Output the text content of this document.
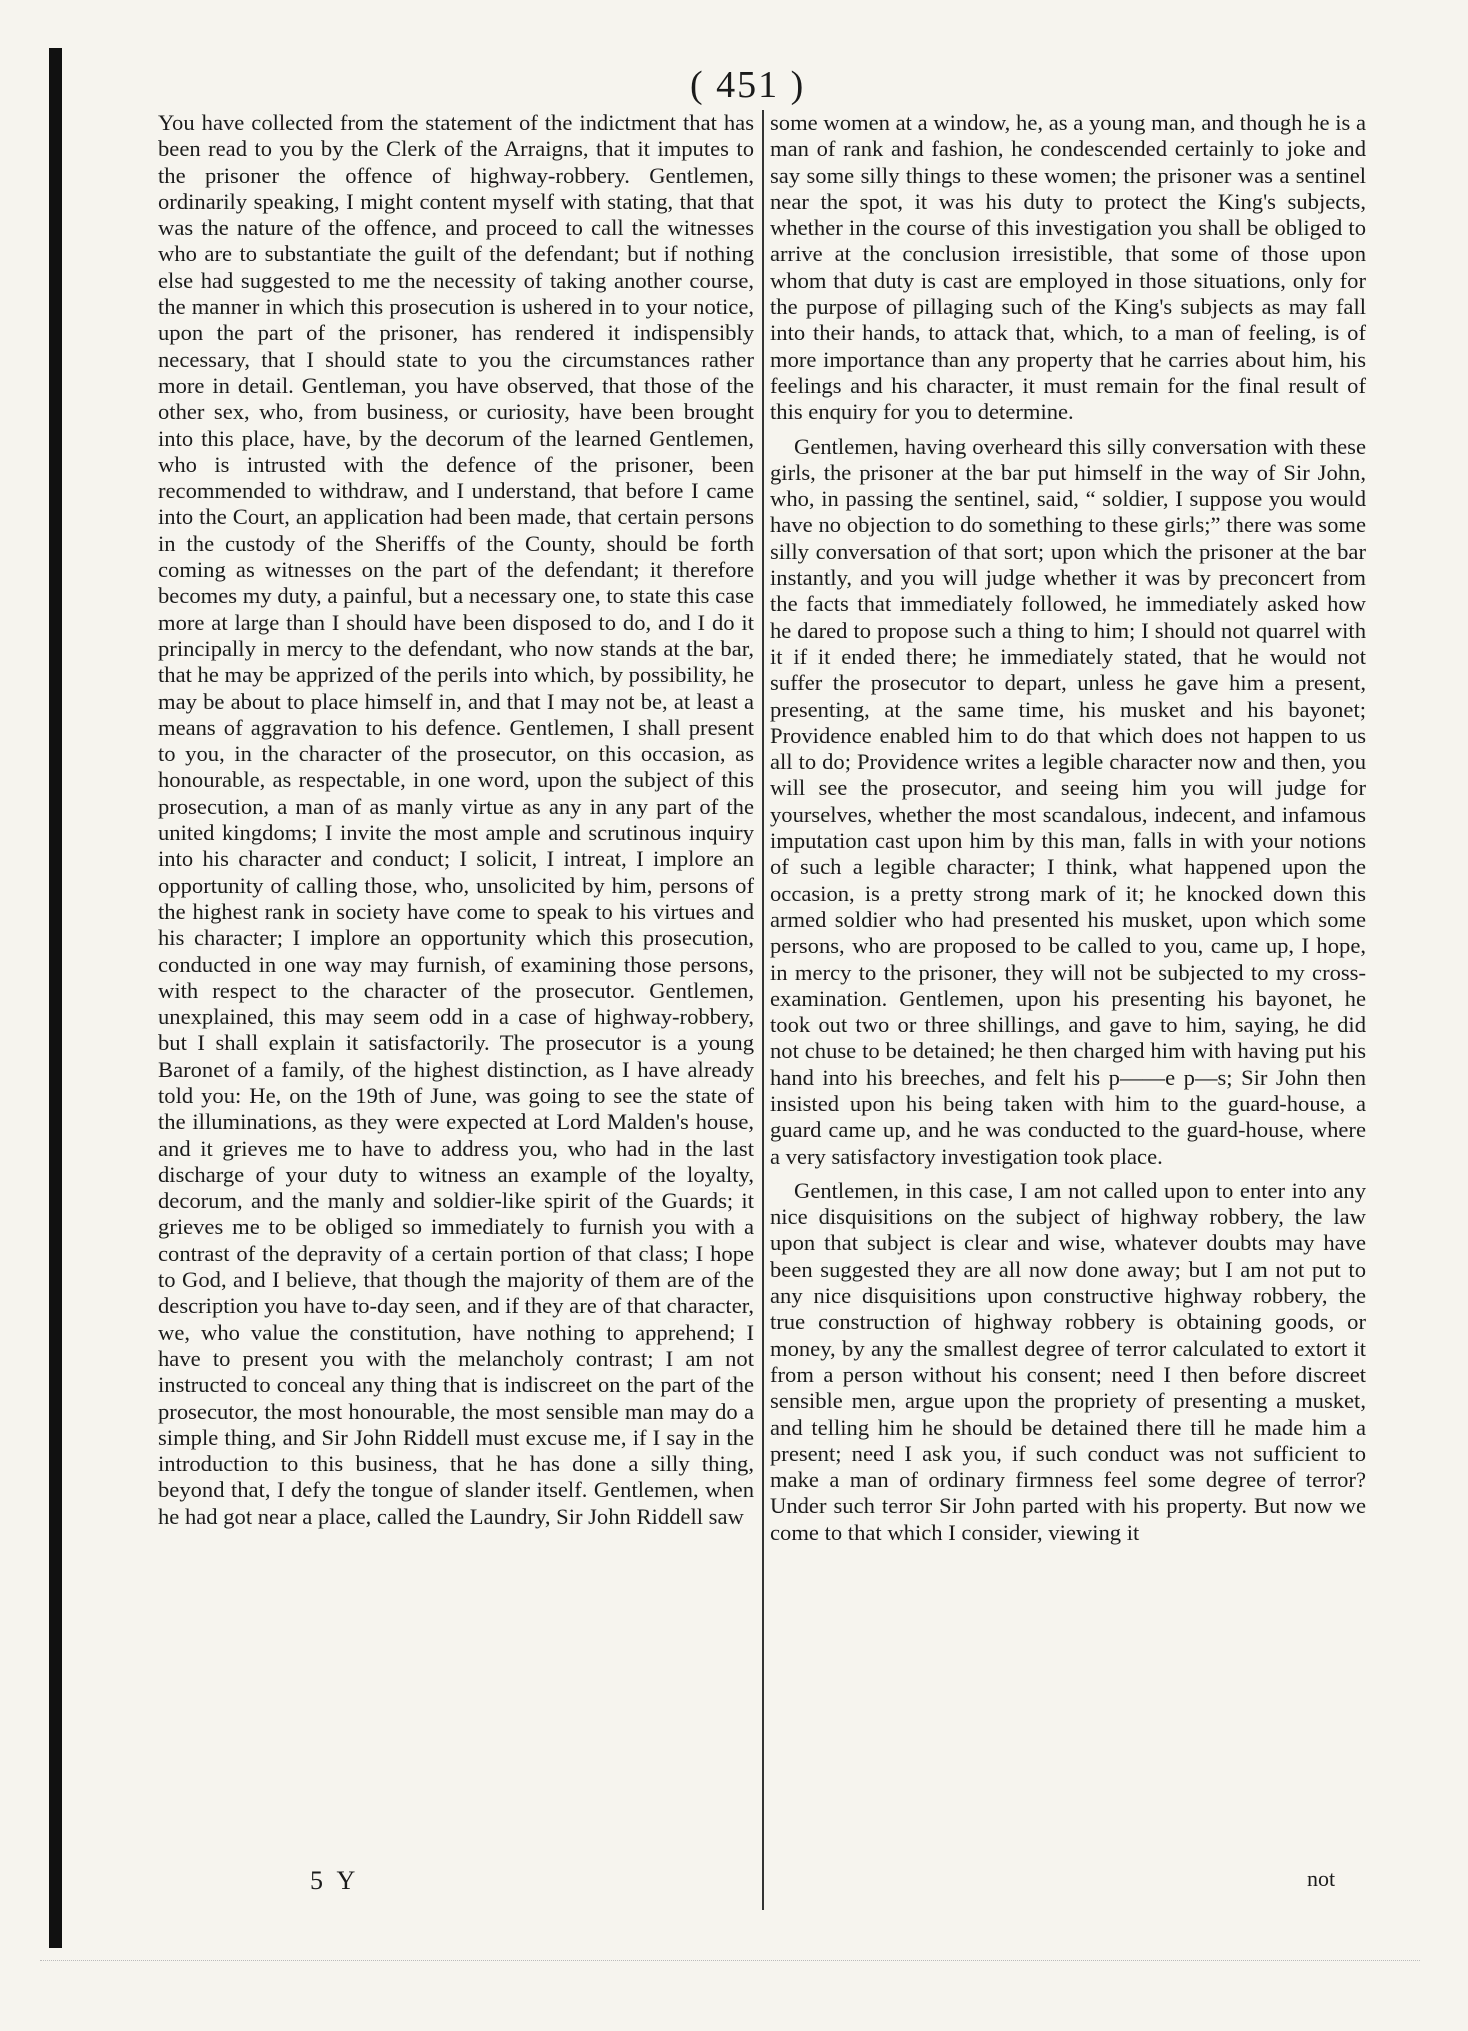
( 451 )

You have collected from the statement of the indictment that has been read to you by the Clerk of the Arraigns, that it imputes to the prisoner the offence of highway-robbery. Gentlemen, ordinarily speaking, I might content myself with stating, that that was the nature of the offence, and proceed to call the witnesses who are to substantiate the guilt of the defendant; but if nothing else had suggested to me the necessity of taking another course, the manner in which this prosecution is ushered in to your notice, upon the part of the prisoner, has rendered it indispensibly necessary, that I should state to you the circumstances rather more in detail. Gentleman, you have observed, that those of the other sex, who, from business, or curiosity, have been brought into this place, have, by the decorum of the learned Gentlemen, who is intrusted with the defence of the prisoner, been recommended to withdraw, and I understand, that before I came into the Court, an application had been made, that certain persons in the custody of the Sheriffs of the County, should be forth coming as witnesses on the part of the defendant; it therefore becomes my duty, a painful, but a necessary one, to state this case more at large than I should have been disposed to do, and I do it principally in mercy to the defendant, who now stands at the bar, that he may be apprized of the perils into which, by possibility, he may be about to place himself in, and that I may not be, at least a means of aggravation to his defence. Gentlemen, I shall present to you, in the character of the prosecutor, on this occasion, as honourable, as respectable, in one word, upon the subject of this prosecution, a man of as manly virtue as any in any part of the united kingdoms; I invite the most ample and scrutinous inquiry into his character and conduct; I solicit, I intreat, I implore an opportunity of calling those, who, unsolicited by him, persons of the highest rank in society have come to speak to his virtues and his character; I implore an opportunity which this prosecution, conducted in one way may furnish, of examining those persons, with respect to the character of the prosecutor. Gentlemen, unexplained, this may seem odd in a case of highway-robbery, but I shall explain it satisfactorily. The prosecutor is a young Baronet of a family, of the highest distinction, as I have already told you: He, on the 19th of June, was going to see the state of the illuminations, as they were expected at Lord Malden's house, and it grieves me to have to address you, who had in the last discharge of your duty to witness an example of the loyalty, decorum, and the manly and soldier-like spirit of the Guards; it grieves me to be obliged so immediately to furnish you with a contrast of the depravity of a certain portion of that class; I hope to God, and I believe, that though the majority of them are of the description you have to-day seen, and if they are of that character, we, who value the constitution, have nothing to apprehend; I have to present you with the melancholy contrast; I am not instructed to conceal any thing that is indiscreet on the part of the prosecutor, the most honourable, the most sensible man may do a simple thing, and Sir John Riddell must excuse me, if I say in the introduction to this business, that he has done a silly thing, beyond that, I defy the tongue of slander itself. Gentlemen, when he had got near a place, called the Laundry, Sir John Riddell saw

some women at a window, he, as a young man, and though he is a man of rank and fashion, he condescended certainly to joke and say some silly things to these women; the prisoner was a sentinel near the spot, it was his duty to protect the King's subjects, whether in the course of this investigation you shall be obliged to arrive at the conclusion irresistible, that some of those upon whom that duty is cast are employed in those situations, only for the purpose of pillaging such of the King's subjects as may fall into their hands, to attack that, which, to a man of feeling, is of more importance than any property that he carries about him, his feelings and his character, it must remain for the final result of this enquiry for you to determine.

Gentlemen, having overheard this silly conversation with these girls, the prisoner at the bar put himself in the way of Sir John, who, in passing the sentinel, said, “ soldier, I suppose you would have no objection to do something to these girls;” there was some silly conversation of that sort; upon which the prisoner at the bar instantly, and you will judge whether it was by preconcert from the facts that immediately followed, he immediately asked how he dared to propose such a thing to him; I should not quarrel with it if it ended there; he immediately stated, that he would not suffer the prosecutor to depart, unless he gave him a present, presenting, at the same time, his musket and his bayonet; Providence enabled him to do that which does not happen to us all to do; Providence writes a legible character now and then, you will see the prosecutor, and seeing him you will judge for yourselves, whether the most scandalous, indecent, and infamous imputation cast upon him by this man, falls in with your notions of such a legible character; I think, what happened upon the occasion, is a pretty strong mark of it; he knocked down this armed soldier who had presented his musket, upon which some persons, who are proposed to be called to you, came up, I hope, in mercy to the prisoner, they will not be subjected to my cross-examination. Gentlemen, upon his presenting his bayonet, he took out two or three shillings, and gave to him, saying, he did not chuse to be detained; he then charged him with having put his hand into his breeches, and felt his p——e p—s; Sir John then insisted upon his being taken with him to the guard-house, a guard came up, and he was conducted to the guard-house, where a very satisfactory investigation took place.

Gentlemen, in this case, I am not called upon to enter into any nice disquisitions on the subject of highway robbery, the law upon that subject is clear and wise, whatever doubts may have been suggested they are all now done away; but I am not put to any nice disquisitions upon constructive highway robbery, the true construction of highway robbery is obtaining goods, or money, by any the smallest degree of terror calculated to extort it from a person without his consent; need I then before discreet sensible men, argue upon the propriety of presenting a musket, and telling him he should be detained there till he made him a present; need I ask you, if such conduct was not sufficient to make a man of ordinary firmness feel some degree of terror? Under such terror Sir John parted with his property. But now we come to that which I consider, viewing it

5 Y	not
